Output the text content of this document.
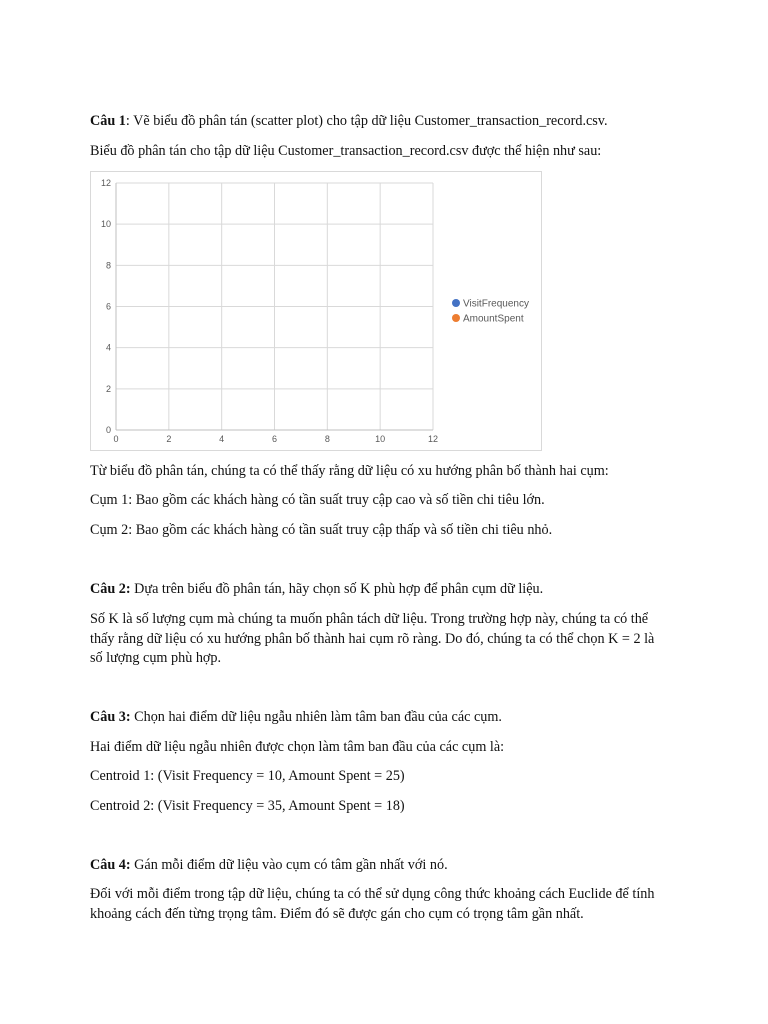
Câu 1: Vẽ biểu đồ phân tán (scatter plot) cho tập dữ liệu Customer_transaction_record.csv.

Biểu đồ phân tán cho tập dữ liệu Customer_transaction_record.csv được thể hiện như sau:

0	2	4	6	8	10	12
0
2
4
6
8
10
12
VisitFrequency
AmountSpent

Từ biểu đồ phân tán, chúng ta có thể thấy rằng dữ liệu có xu hướng phân bố thành hai cụm:

Cụm 1: Bao gồm các khách hàng có tần suất truy cập cao và số tiền chi tiêu lớn.

Cụm 2: Bao gồm các khách hàng có tần suất truy cập thấp và số tiền chi tiêu nhỏ.

Câu 2: Dựa trên biểu đồ phân tán, hãy chọn số K phù hợp để phân cụm dữ liệu.

Số K là số lượng cụm mà chúng ta muốn phân tách dữ liệu. Trong trường hợp này, chúng ta có thể thấy rằng dữ liệu có xu hướng phân bố thành hai cụm rõ ràng. Do đó, chúng ta có thể chọn K = 2 là số lượng cụm phù hợp.

Câu 3: Chọn hai điểm dữ liệu ngẫu nhiên làm tâm ban đầu của các cụm.

Hai điểm dữ liệu ngẫu nhiên được chọn làm tâm ban đầu của các cụm là:

Centroid 1: (Visit Frequency = 10, Amount Spent = 25)

Centroid 2: (Visit Frequency = 35, Amount Spent = 18)

Câu 4: Gán mỗi điểm dữ liệu vào cụm có tâm gần nhất với nó.

Đối với mỗi điểm trong tập dữ liệu, chúng ta có thể sử dụng công thức khoảng cách Euclide để tính khoảng cách đến từng trọng tâm. Điểm đó sẽ được gán cho cụm có trọng tâm gần nhất.
